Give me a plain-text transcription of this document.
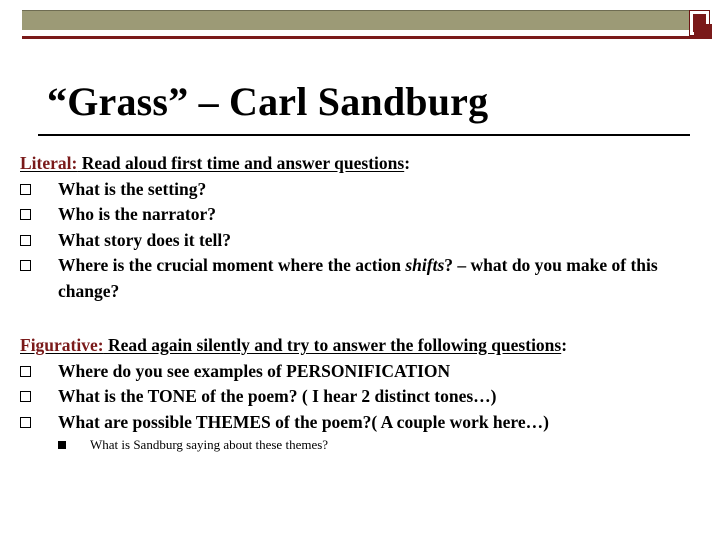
“Grass” – Carl Sandburg
Literal: Read aloud first time and answer questions:
What is the setting?
Who is the narrator?
What story does it tell?
Where is the crucial moment where the action shifts? – what do you make of this change?
Figurative: Read again silently and try to answer the following questions:
Where do you see examples of PERSONIFICATION
What is the TONE of the poem? ( I hear 2 distinct tones…)
What are possible THEMES of the poem?( A couple work here…)
What is Sandburg saying about these themes?
